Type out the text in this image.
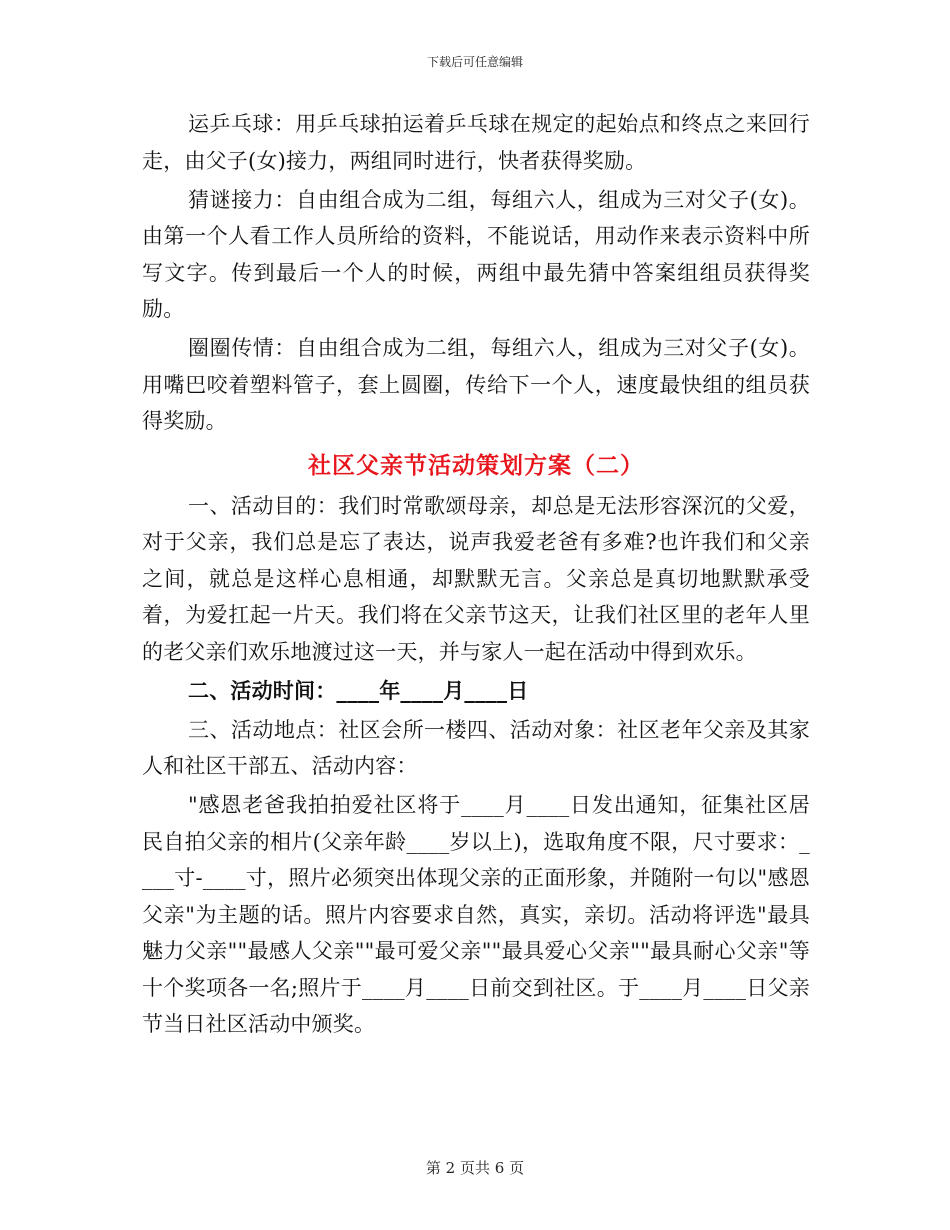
下载后可任意编辑

运乒乓球：用乒乓球拍运着乒乓球在规定的起始点和终点之来回行走，由父子(女)接力，两组同时进行，快者获得奖励。

猜谜接力：自由组合成为二组，每组六人，组成为三对父子(女)。由第一个人看工作人员所给的资料，不能说话，用动作来表示资料中所写文字。传到最后一个人的时候，两组中最先猜中答案组组员获得奖励。

圈圈传情：自由组合成为二组，每组六人，组成为三对父子(女)。用嘴巴咬着塑料管子，套上圆圈，传给下一个人，速度最快组的组员获得奖励。

社区父亲节活动策划方案（二）

一、活动目的：我们时常歌颂母亲，却总是无法形容深沉的父爱，对于父亲，我们总是忘了表达，说声我爱老爸有多难?也许我们和父亲之间，就总是这样心息相通，却默默无言。父亲总是真切地默默承受着，为爱扛起一片天。我们将在父亲节这天，让我们社区里的老年人里的老父亲们欢乐地渡过这一天，并与家人一起在活动中得到欢乐。

二、活动时间：____年____月____日

三、活动地点：社区会所一楼四、活动对象：社区老年父亲及其家人和社区干部五、活动内容：

"感恩老爸我拍拍爱社区将于____月____日发出通知，征集社区居民自拍父亲的相片(父亲年龄____岁以上)，选取角度不限，尺寸要求：____寸-____寸，照片必须突出体现父亲的正面形象，并随附一句以"感恩父亲"为主题的话。照片内容要求自然，真实，亲切。活动将评选"最具魅力父亲""最感人父亲""最可爱父亲""最具爱心父亲""最具耐心父亲"等十个奖项各一名;照片于____月____日前交到社区。于____月____日父亲节当日社区活动中颁奖。

第 2 页共 6 页
